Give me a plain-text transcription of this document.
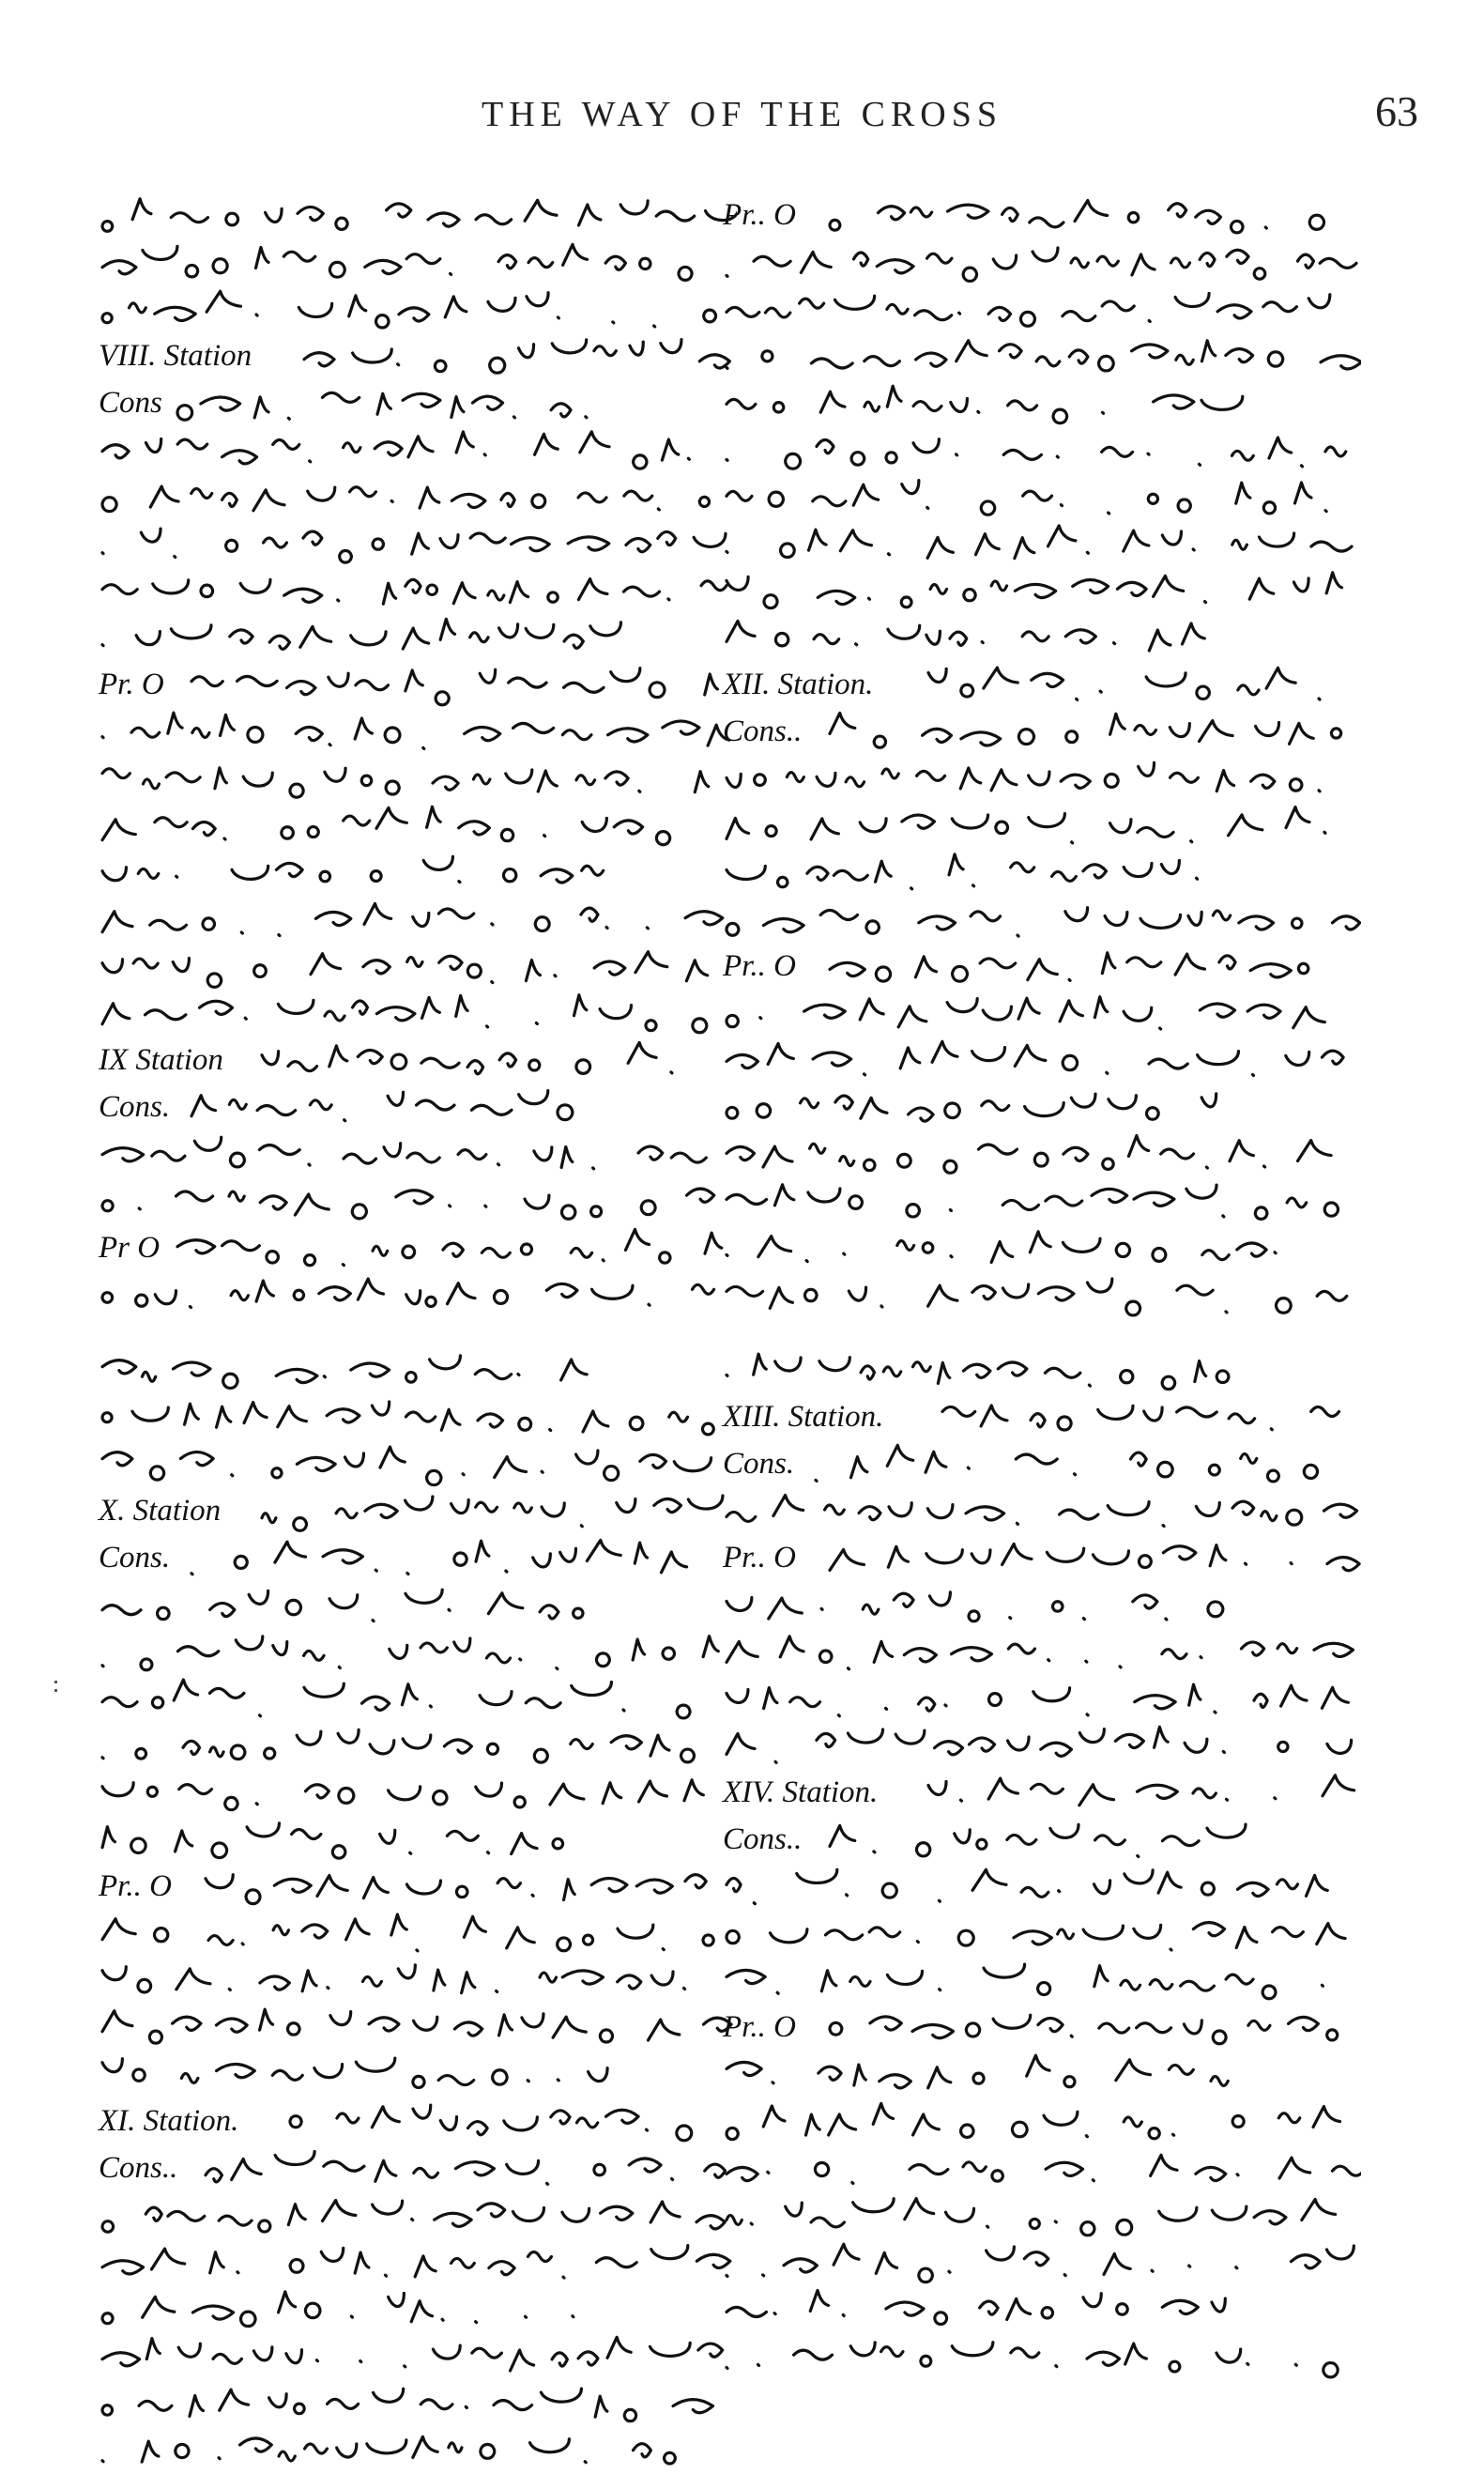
THE WAY OF THE CROSS	63
VIII. Station
Cons
Pr. O
IX Station
Cons.
Pr O
X. Station
Cons.
Pr.. O
XI. Station.
Cons..
Pr.. O
XII. Station.
Cons..
Pr.. O
XIII. Station.
Cons.
Pr.. O
XIV. Station.
Cons..
Pr.. O
